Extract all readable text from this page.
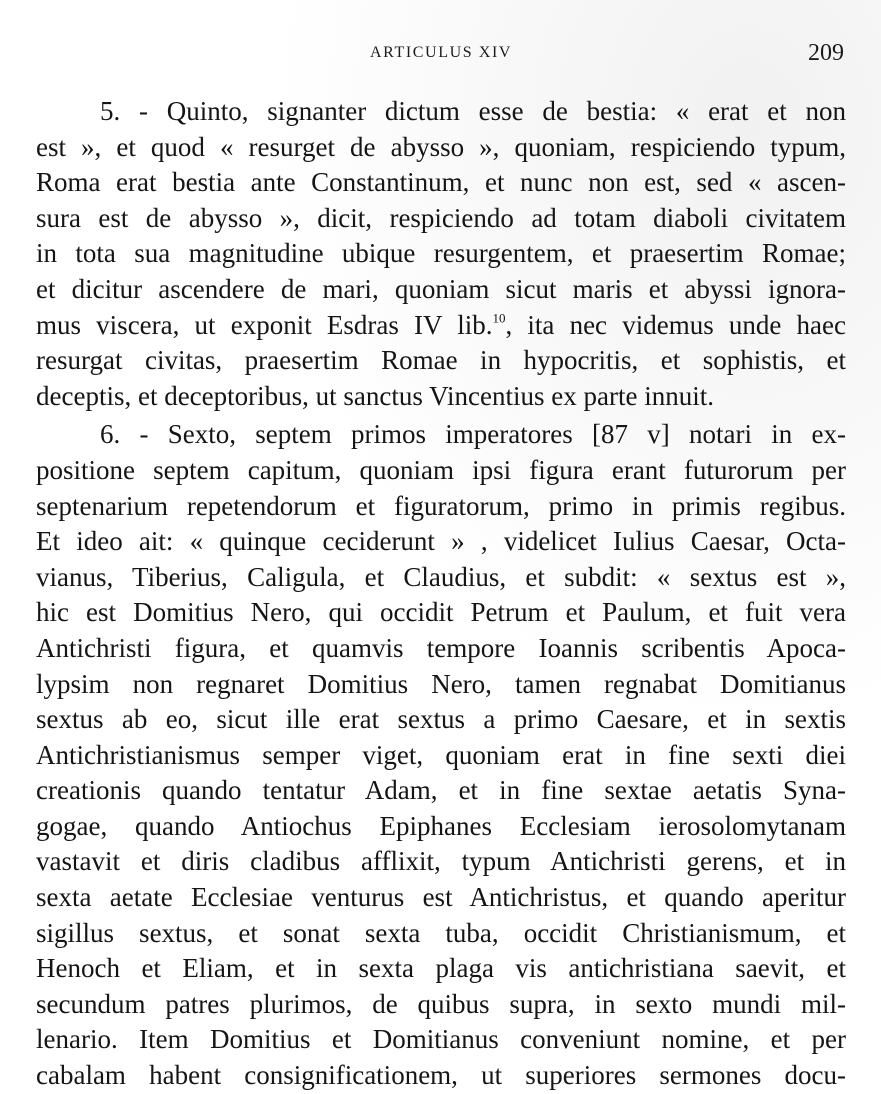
ARTICULUS XIV	209
5. - Quinto, signanter dictum esse de bestia: « erat et non
est », et quod « resurget de abysso », quoniam, respiciendo typum,
Roma erat bestia ante Constantinum, et nunc non est, sed « ascen-
sura est de abysso », dicit, respiciendo ad totam diaboli civitatem
in tota sua magnitudine ubique resurgentem, et praesertim Romae;
et dicitur ascendere de mari, quoniam sicut maris et abyssi ignora-
mus viscera, ut exponit Esdras IV lib.$^{10}$, ita nec videmus unde haec
resurgat civitas, praesertim Romae in hypocritis, et sophistis, et
deceptis, et deceptoribus, ut sanctus Vincentius ex parte innuit.
6. - Sexto, septem primos imperatores [87 v] notari in ex-
positione septem capitum, quoniam ipsi figura erant futurorum per
septenarium repetendorum et figuratorum, primo in primis regibus.
Et ideo ait: « quinque ceciderunt » , videlicet Iulius Caesar, Octa-
vianus, Tiberius, Caligula, et Claudius, et subdit: « sextus est »,
hic est Domitius Nero, qui occidit Petrum et Paulum, et fuit vera
Antichristi figura, et quamvis tempore Ioannis scribentis Apoca-
lypsim non regnaret Domitius Nero, tamen regnabat Domitianus
sextus ab eo, sicut ille erat sextus a primo Caesare, et in sextis
Antichristianismus semper viget, quoniam erat in fine sexti diei
creationis quando tentatur Adam, et in fine sextae aetatis Syna-
gogae, quando Antiochus Epiphanes Ecclesiam ierosolomytanam
vastavit et diris cladibus afflixit, typum Antichristi gerens, et in
sexta aetate Ecclesiae venturus est Antichristus, et quando aperitur
sigillus sextus, et sonat sexta tuba, occidit Christianismum, et
Henoch et Eliam, et in sexta plaga vis antichristiana saevit, et
secundum patres plurimos, de quibus supra, in sexto mundi mil-
lenario. Item Domitius et Domitianus conveniunt nomine, et per
cabalam habent consignificationem, ut superiores sermones docu-
